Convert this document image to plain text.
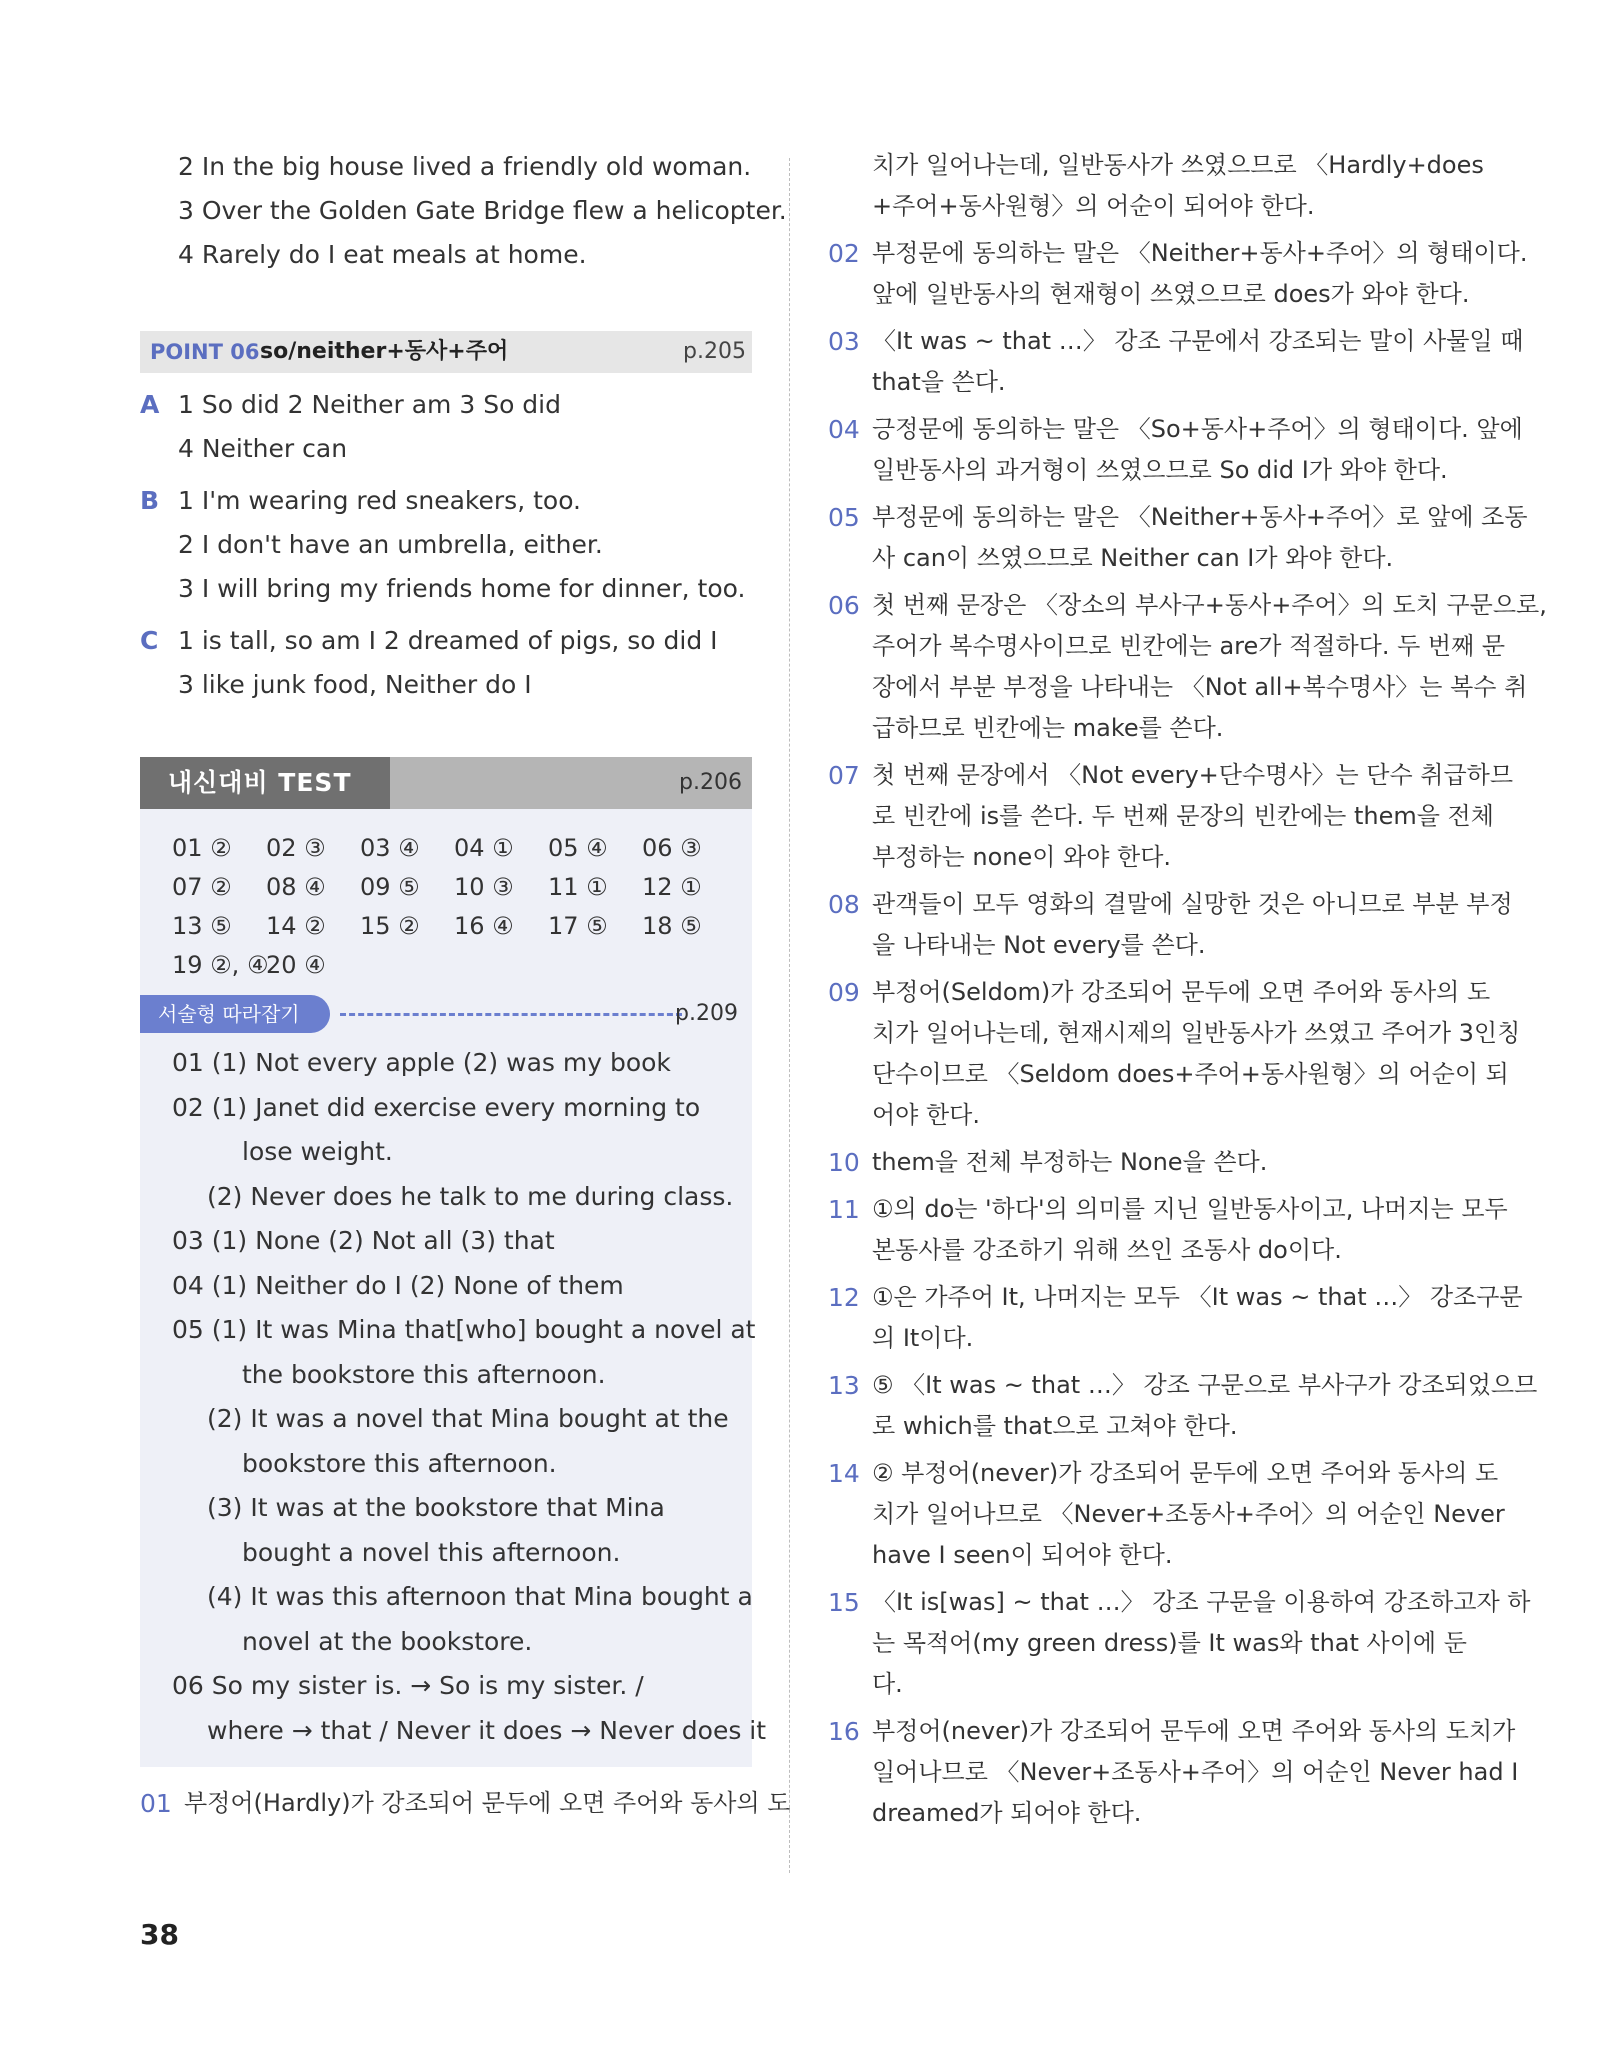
2 In the big house lived a friendly old woman.
3 Over the Golden Gate Bridge flew a helicopter.
4 Rarely do I eat meals at home.
POINT 06 so/neither+동사+주어	p.205
A 1 So did 2 Neither am 3 So did
4 Neither can
B 1 I'm wearing red sneakers, too.
2 I don't have an umbrella, either.
3 I will bring my friends home for dinner, too.
C 1 is tall, so am I 2 dreamed of pigs, so did I
3 like junk food, Neither do I
내신대비 TEST	p.206
01 ②	02 ③	03 ④	04 ①	05 ④	06 ③
07 ②	08 ④	09 ⑤	10 ③	11 ①	12 ①
13 ⑤	14 ②	15 ②	16 ④	17 ⑤	18 ⑤
19 ②, ④
20 ④
서술형 따라잡기	p.209
01 (1) Not every apple (2) was my book
02 (1) Janet did exercise every morning to
lose weight.
(2) Never does he talk to me during class.
03 (1) None (2) Not all (3) that
04 (1) Neither do I (2) None of them
05 (1) It was Mina that[who] bought a novel at
the bookstore this afternoon.
(2) It was a novel that Mina bought at the
bookstore this afternoon.
(3) It was at the bookstore that Mina
bought a novel this afternoon.
(4) It was this afternoon that Mina bought a
novel at the bookstore.
06 So my sister is. → So is my sister. /
where → that / Never it does → Never does it
01 부정어(Hardly)가 강조되어 문두에 오면 주어와 동사의 도
치가 일어나는데, 일반동사가 쓰였으므로 〈Hardly+does
+주어+동사원형〉의 어순이 되어야 한다.
02 부정문에 동의하는 말은 〈Neither+동사+주어〉의 형태이다.
앞에 일반동사의 현재형이 쓰였으므로 does가 와야 한다.
03 〈It was ~ that …〉 강조 구문에서 강조되는 말이 사물일 때
that을 쓴다.
04 긍정문에 동의하는 말은 〈So+동사+주어〉의 형태이다. 앞에
일반동사의 과거형이 쓰였으므로 So did I가 와야 한다.
05 부정문에 동의하는 말은 〈Neither+동사+주어〉로 앞에 조동
사 can이 쓰였으므로 Neither can I가 와야 한다.
06 첫 번째 문장은 〈장소의 부사구+동사+주어〉의 도치 구문으로,
주어가 복수명사이므로 빈칸에는 are가 적절하다. 두 번째 문
장에서 부분 부정을 나타내는 〈Not all+복수명사〉는 복수 취
급하므로 빈칸에는 make를 쓴다.
07 첫 번째 문장에서 〈Not every+단수명사〉는 단수 취급하므
로 빈칸에 is를 쓴다. 두 번째 문장의 빈칸에는 them을 전체
부정하는 none이 와야 한다.
08 관객들이 모두 영화의 결말에 실망한 것은 아니므로 부분 부정
을 나타내는 Not every를 쓴다.
09 부정어(Seldom)가 강조되어 문두에 오면 주어와 동사의 도
치가 일어나는데, 현재시제의 일반동사가 쓰였고 주어가 3인칭
단수이므로 〈Seldom does+주어+동사원형〉의 어순이 되
어야 한다.
10 them을 전체 부정하는 None을 쓴다.
11 ①의 do는 '하다'의 의미를 지닌 일반동사이고, 나머지는 모두
본동사를 강조하기 위해 쓰인 조동사 do이다.
12 ①은 가주어 It, 나머지는 모두 〈It was ~ that …〉 강조구문
의 It이다.
13 ⑤ 〈It was ~ that …〉 강조 구문으로 부사구가 강조되었으므
로 which를 that으로 고쳐야 한다.
14 ② 부정어(never)가 강조되어 문두에 오면 주어와 동사의 도
치가 일어나므로 〈Never+조동사+주어〉의 어순인 Never
have I seen이 되어야 한다.
15 〈It is[was] ~ that …〉 강조 구문을 이용하여 강조하고자 하
는 목적어(my green dress)를 It was와 that 사이에 둔
다.
16 부정어(never)가 강조되어 문두에 오면 주어와 동사의 도치가
일어나므로 〈Never+조동사+주어〉의 어순인 Never had I
dreamed가 되어야 한다.
38
